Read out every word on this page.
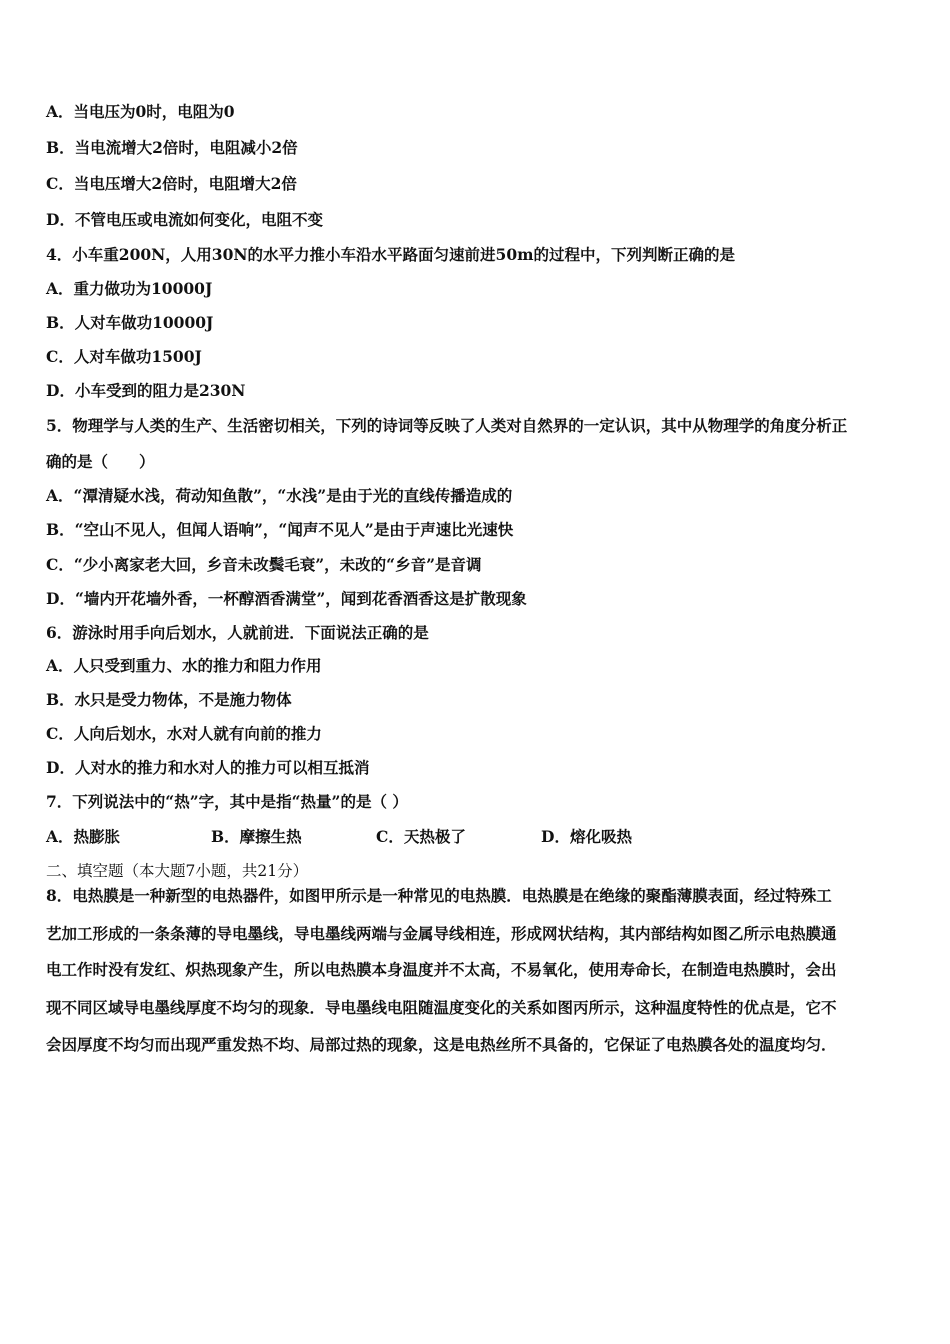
A．当电压为0时，电阻为0
B．当电流增大2倍时，电阻减小2倍
C．当电压增大2倍时，电阻增大2倍
D．不管电压或电流如何变化，电阻不变
4．小车重200N，人用30N的水平力推小车沿水平路面匀速前进50m的过程中，下列判断正确的是
A．重力做功为10000J
B．人对车做功10000J
C．人对车做功1500J
D．小车受到的阻力是230N
5．物理学与人类的生产、生活密切相关，下列的诗词等反映了人类对自然界的一定认识，其中从物理学的角度分析正
确的是（　　）
A．“潭清疑水浅，荷动知鱼散”，“水浅”是由于光的直线传播造成的
B．“空山不见人，但闻人语响”，“闻声不见人”是由于声速比光速快
C．“少小离家老大回，乡音未改鬓毛衰”，未改的“乡音”是音调
D．“墙内开花墙外香，一杯醇酒香满堂”，闻到花香酒香这是扩散现象
6．游泳时用手向后划水，人就前进．下面说法正确的是
A．人只受到重力、水的推力和阻力作用
B．水只是受力物体，不是施力物体
C．人向后划水，水对人就有向前的推力
D．人对水的推力和水对人的推力可以相互抵消
7．下列说法中的“热”字，其中是指“热量”的是（ ）
A．热膨胀	B．摩擦生热	C．天热极了	D．熔化吸热
二、填空题（本大题7小题，共21分）
8．电热膜是一种新型的电热器件，如图甲所示是一种常见的电热膜．电热膜是在绝缘的聚酯薄膜表面，经过特殊工
艺加工形成的一条条薄的导电墨线，导电墨线两端与金属导线相连，形成网状结构，其内部结构如图乙所示电热膜通
电工作时没有发红、炽热现象产生，所以电热膜本身温度并不太高，不易氧化，使用寿命长，在制造电热膜时，会出
现不同区域导电墨线厚度不均匀的现象．导电墨线电阻随温度变化的关系如图丙所示，这种温度特性的优点是，它不
会因厚度不均匀而出现严重发热不均、局部过热的现象，这是电热丝所不具备的，它保证了电热膜各处的温度均匀．
